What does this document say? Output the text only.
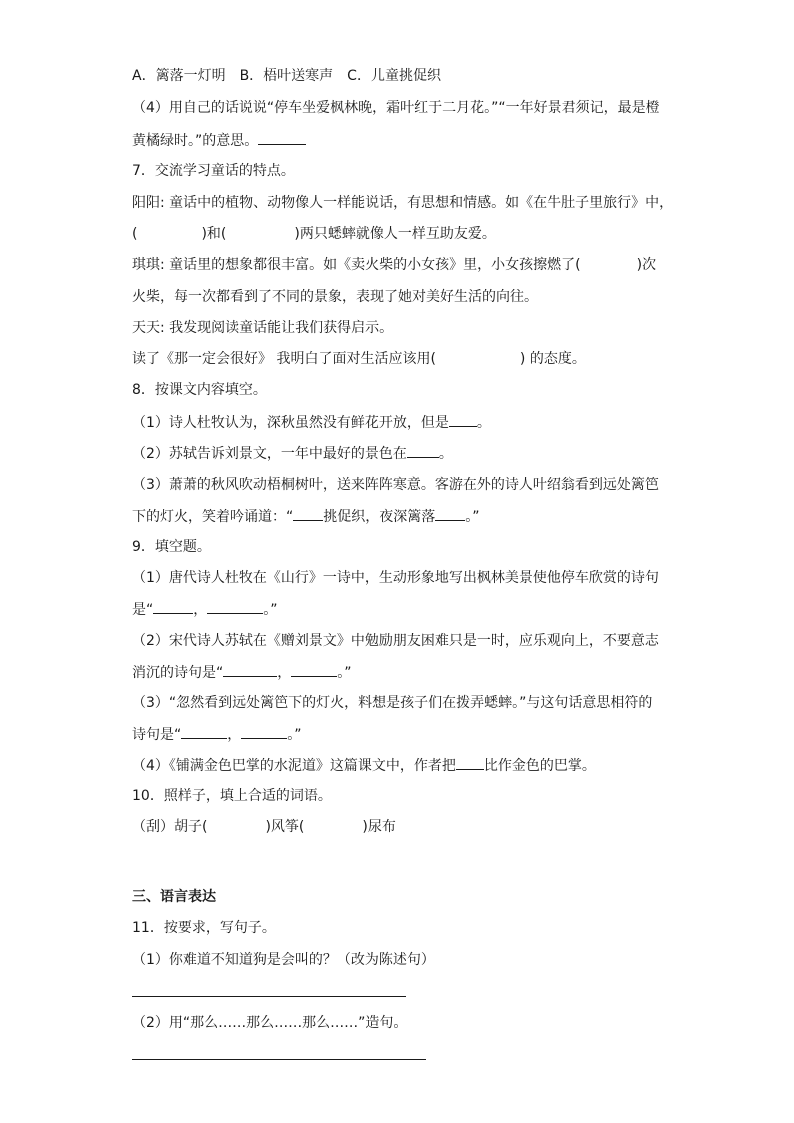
A．篱落一灯明　B．梧叶送寒声　C．儿童挑促织
（4）用自己的话说说“停车坐爱枫林晚，霜叶红于二月花。”“一年好景君须记，最是橙
黄橘绿时。”的意思。
7．交流学习童话的特点。
阳阳: 童话中的植物、动物像人一样能说话，有思想和情感。如《在牛肚子里旅行》中，
(	)和(	)两只蟋蟀就像人一样互助友爱。
琪琪: 童话里的想象都很丰富。如《卖火柴的小女孩》里，小女孩擦燃了(	)次
火柴，每一次都看到了不同的景象，表现了她对美好生活的向往。
天天: 我发现阅读童话能让我们获得启示。
读了《那一定会很好》 我明白了面对生活应该用(	) 的态度。
8．按课文内容填空。
（1）诗人杜牧认为，深秋虽然没有鲜花开放，但是 。
（2）苏轼告诉刘景文，一年中最好的景色在 。
（3）萧萧的秋风吹动梧桐树叶，送来阵阵寒意。客游在外的诗人叶绍翁看到远处篱笆
下的灯火，笑着吟诵道：“ 挑促织，夜深篱落 。”
9．填空题。
（1）唐代诗人杜牧在《山行》一诗中，生动形象地写出枫林美景使他停车欣赏的诗句
是“	，	。”
（2）宋代诗人苏轼在《赠刘景文》中勉励朋友困难只是一时，应乐观向上，不要意志
消沉的诗句是“	，	。”
（3）“忽然看到远处篱笆下的灯火，料想是孩子们在拨弄蟋蟀。”与这句话意思相符的
诗句是“	，	。”
（4）《铺满金色巴掌的水泥道》这篇课文中，作者把 比作金色的巴掌。
10．照样子，填上合适的词语。
（刮）胡子(	)风筝(	)尿布
三、语言表达
11．按要求，写句子。
（1）你难道不知道狗是会叫的？（改为陈述句）
（2）用“那么……那么……那么……”造句。
